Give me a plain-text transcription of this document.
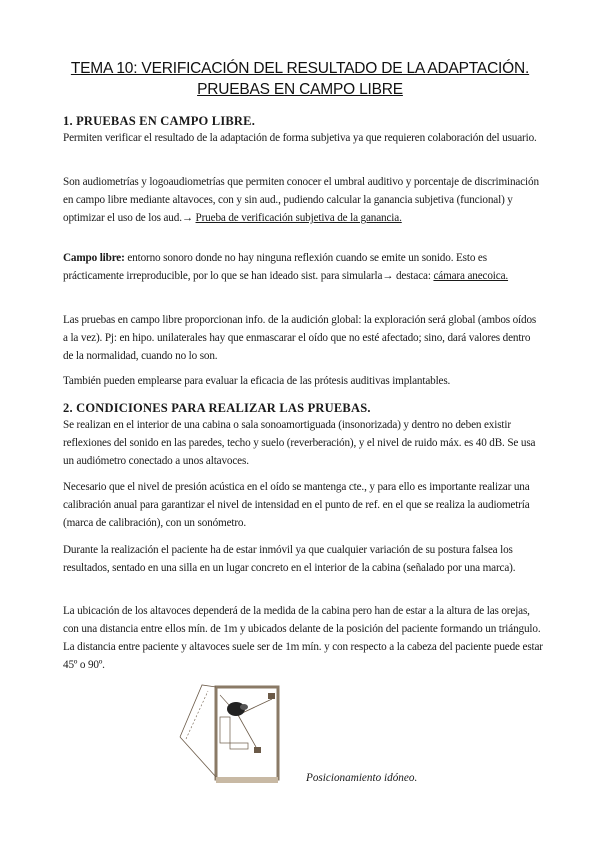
TEMA 10: VERIFICACIÓN DEL RESULTADO DE LA ADAPTACIÓN. PRUEBAS EN CAMPO LIBRE
1. PRUEBAS EN CAMPO LIBRE.
Permiten verificar el resultado de la adaptación de forma subjetiva ya que requieren colaboración del usuario.
Son audiometrías y logoaudiometrías que permiten conocer el umbral auditivo y porcentaje de discriminación en campo libre mediante altavoces, con y sin aud., pudiendo calcular la ganancia subjetiva (funcional) y optimizar el uso de los aud.→ Prueba de verificación subjetiva de la ganancia.
Campo libre: entorno sonoro donde no hay ninguna reflexión cuando se emite un sonido. Esto es prácticamente irreproducible, por lo que se han ideado sist. para simularla→ destaca: cámara anecoica.
Las pruebas en campo libre proporcionan info. de la audición global: la exploración será global (ambos oídos a la vez). Pj: en hipo. unilaterales hay que enmascarar el oído que no esté afectado; sino, dará valores dentro de la normalidad, cuando no lo son.
También pueden emplearse para evaluar la eficacia de las prótesis auditivas implantables.
2. CONDICIONES PARA REALIZAR LAS PRUEBAS.
Se realizan en el interior de una cabina o sala sonoamortiguada (insonorizada) y dentro no deben existir reflexiones del sonido en las paredes, techo y suelo (reverberación), y el nivel de ruido máx. es 40 dB. Se usa un audiómetro conectado a unos altavoces.
Necesario que el nivel de presión acústica en el oído se mantenga cte., y para ello es importante realizar una calibración anual para garantizar el nivel de intensidad en el punto de ref. en el que se realiza la audiometría (marca de calibración), con un sonómetro.
Durante la realización el paciente ha de estar inmóvil ya que cualquier variación de su postura falsea los resultados, sentado en una silla en un lugar concreto en el interior de la cabina (señalado por una marca).
La ubicación de los altavoces dependerá de la medida de la cabina pero han de estar a la altura de las orejas, con una distancia entre ellos mín. de 1m y ubicados delante de la posición del paciente formando un triángulo. La distancia entre paciente y altavoces suele ser de 1m mín. y con respecto a la cabeza del paciente puede estar 45º o 90º.
Posicionamiento idóneo.
